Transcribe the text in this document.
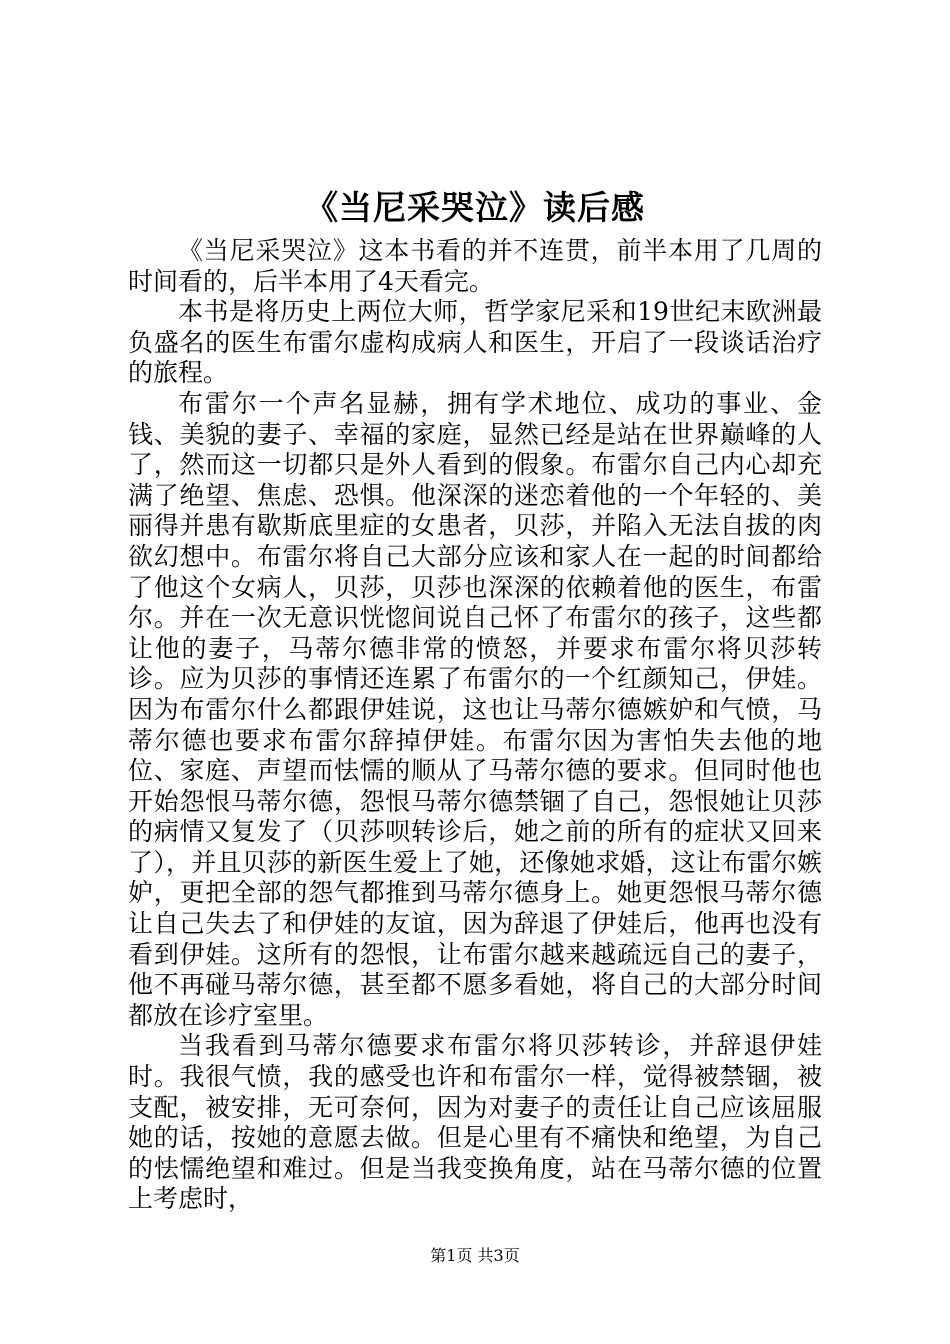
《当尼采哭泣》读后感

《当尼采哭泣》这本书看的并不连贯，前半本用了几周的时间看的，后半本用了4天看完。

本书是将历史上两位大师，哲学家尼采和19世纪末欧洲最负盛名的医生布雷尔虚构成病人和医生，开启了一段谈话治疗的旅程。

布雷尔一个声名显赫，拥有学术地位、成功的事业、金钱、美貌的妻子、幸福的家庭，显然已经是站在世界巅峰的人了，然而这一切都只是外人看到的假象。布雷尔自己内心却充满了绝望、焦虑、恐惧。他深深的迷恋着他的一个年轻的、美丽得并患有歇斯底里症的女患者，贝莎，并陷入无法自拔的肉欲幻想中。布雷尔将自己大部分应该和家人在一起的时间都给了他这个女病人，贝莎，贝莎也深深的依赖着他的医生，布雷尔。并在一次无意识恍惚间说自己怀了布雷尔的孩子，这些都让他的妻子，马蒂尔德非常的愤怒，并要求布雷尔将贝莎转诊。应为贝莎的事情还连累了布雷尔的一个红颜知己，伊娃。因为布雷尔什么都跟伊娃说，这也让马蒂尔德嫉妒和气愤，马蒂尔德也要求布雷尔辞掉伊娃。布雷尔因为害怕失去他的地位、家庭、声望而怯懦的顺从了马蒂尔德的要求。但同时他也开始怨恨马蒂尔德，怨恨马蒂尔德禁锢了自己，怨恨她让贝莎的病情又复发了（贝莎呗转诊后，她之前的所有的症状又回来了），并且贝莎的新医生爱上了她，还像她求婚，这让布雷尔嫉妒，更把全部的怨气都推到马蒂尔德身上。她更怨恨马蒂尔德让自己失去了和伊娃的友谊，因为辞退了伊娃后，他再也没有看到伊娃。这所有的怨恨，让布雷尔越来越疏远自己的妻子，他不再碰马蒂尔德，甚至都不愿多看她，将自己的大部分时间都放在诊疗室里。

当我看到马蒂尔德要求布雷尔将贝莎转诊，并辞退伊娃时。我很气愤，我的感受也许和布雷尔一样，觉得被禁锢，被支配，被安排，无可奈何，因为对妻子的责任让自己应该屈服她的话，按她的意愿去做。但是心里有不痛快和绝望，为自己的怯懦绝望和难过。但是当我变换角度，站在马蒂尔德的位置上考虑时，

第1页 共3页
